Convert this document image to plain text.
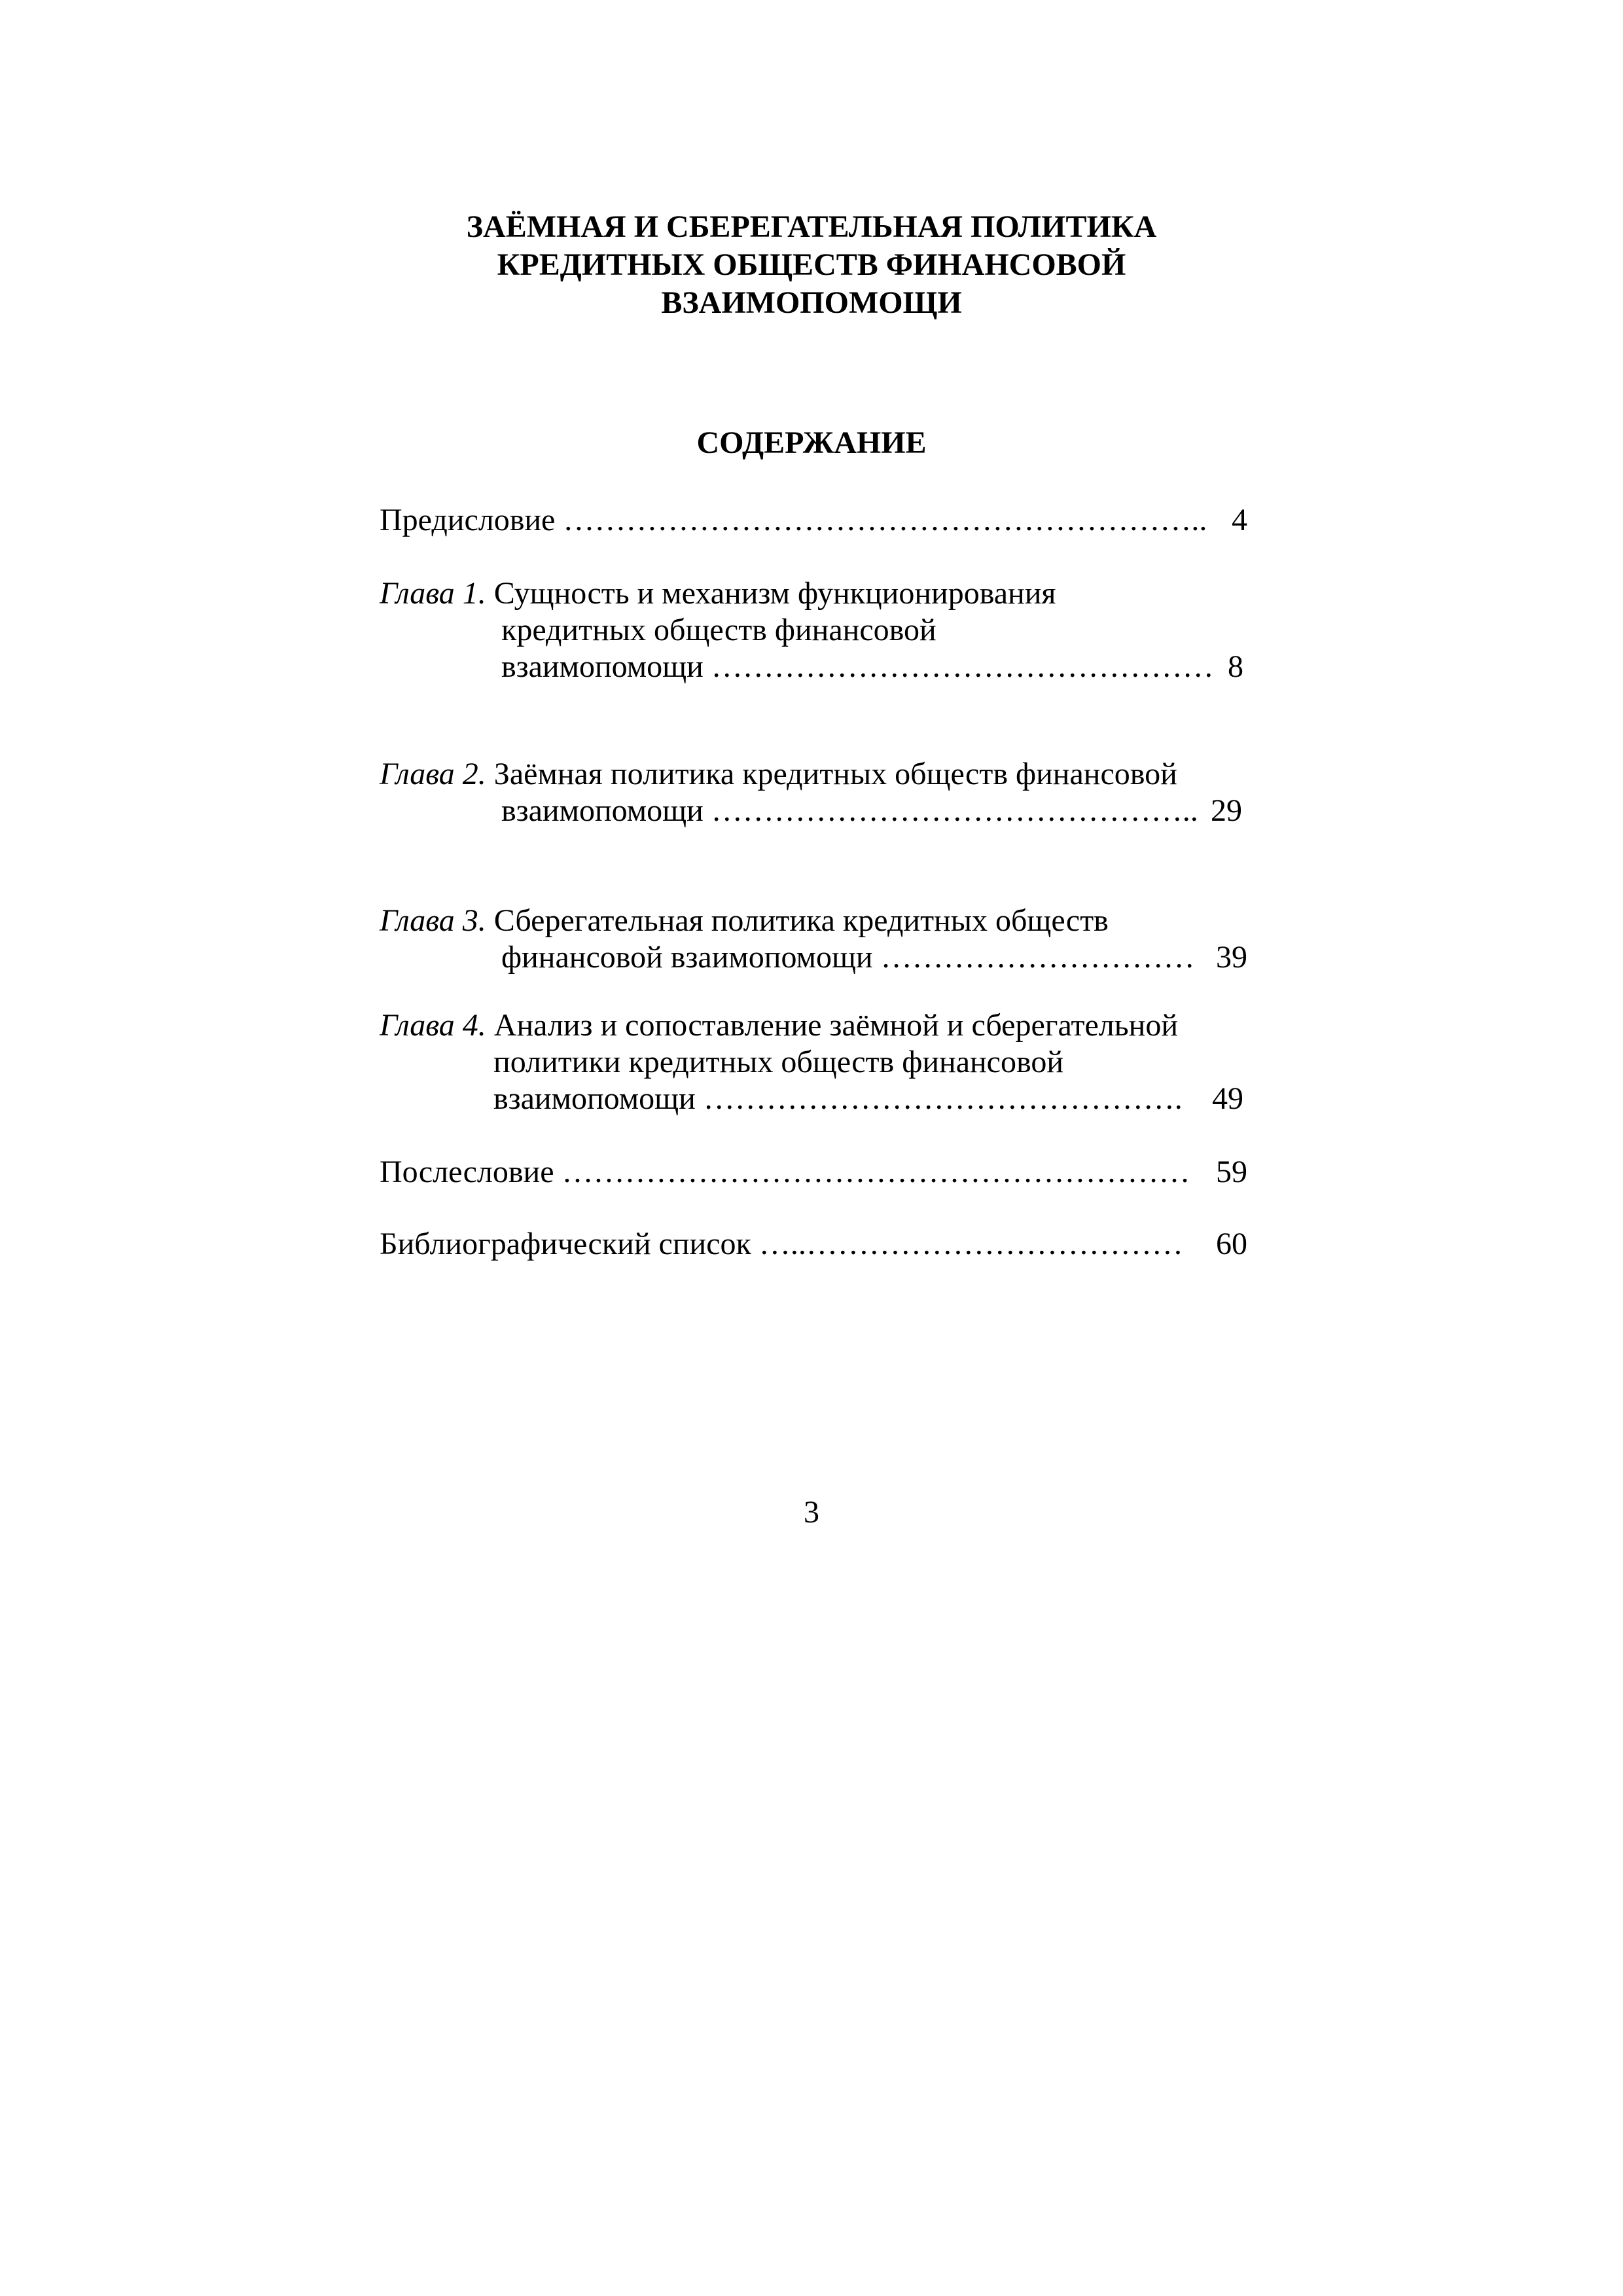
ЗАЁМНАЯ И СБЕРЕГАТЕЛЬНАЯ ПОЛИТИКА
КРЕДИТНЫХ ОБЩЕСТВ ФИНАНСОВОЙ
ВЗАИМОПОМОЩИ
СОДЕРЖАНИЕ
Предисловие …………………………………………………….. 4
Глава 1. Сущность и механизм функционирования
кредитных обществ финансовой
взаимопомощи ………………………………………… 8
Глава 2. Заёмная политика кредитных обществ финансовой
взаимопомощи ……………………………………….. 29
Глава 3. Сберегательная политика кредитных обществ
финансовой взаимопомощи ………………………… 39
Глава 4. Анализ и сопоставление заёмной и сберегательной
политики кредитных обществ финансовой
взаимопомощи ………………………………………. 49
Послесловие …………………………………………………… 59
Библиографический список …..……………………………… 60
3
